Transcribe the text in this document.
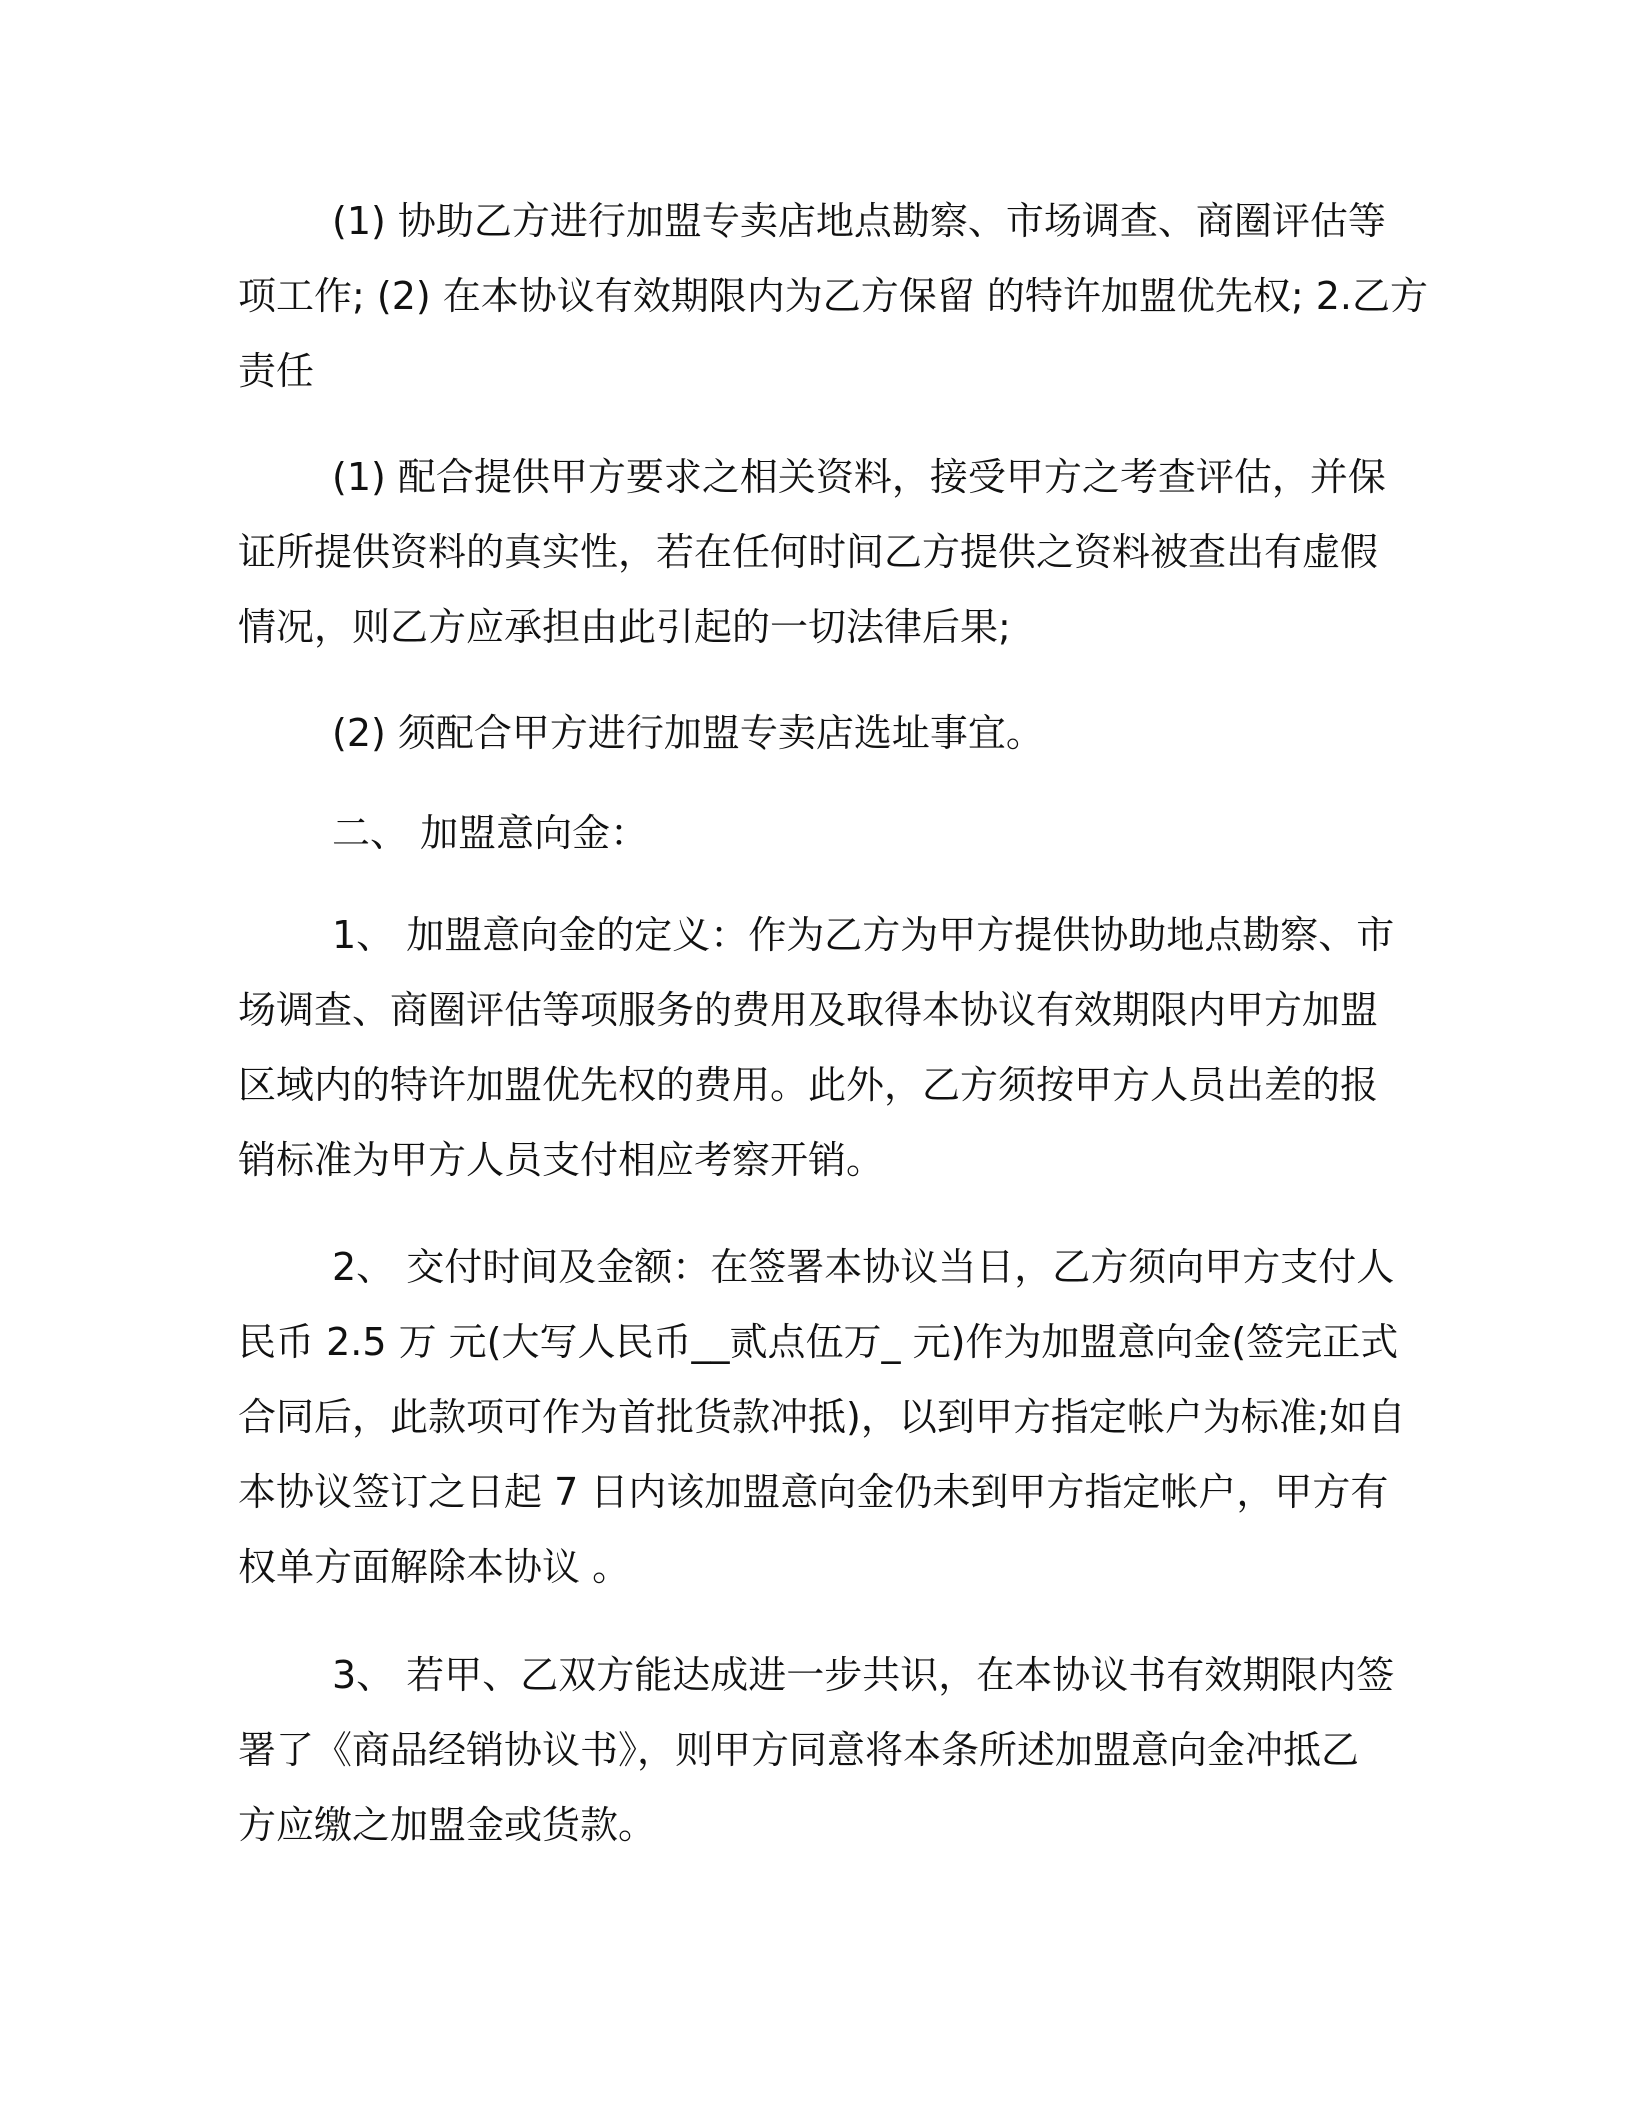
(1) 协助乙方进行加盟专卖店地点勘察、市场调查、商圈评估等
项工作; (2) 在本协议有效期限内为乙方保留 的特许加盟优先权; 2.乙方
责任
(1) 配合提供甲方要求之相关资料，接受甲方之考查评估，并保
证所提供资料的真实性，若在任何时间乙方提供之资料被查出有虚假
情况，则乙方应承担由此引起的一切法律后果;
(2) 须配合甲方进行加盟专卖店选址事宜。
二、 加盟意向金：
1、 加盟意向金的定义：作为乙方为甲方提供协助地点勘察、市
场调查、商圈评估等项服务的费用及取得本协议有效期限内甲方加盟
区域内的特许加盟优先权的费用。此外，乙方须按甲方人员出差的报
销标准为甲方人员支付相应考察开销。
2、 交付时间及金额：在签署本协议当日，乙方须向甲方支付人
民币 2.5 万 元(大写人民币__贰点伍万_ 元)作为加盟意向金(签完正式
合同后，此款项可作为首批货款冲抵)，以到甲方指定帐户为标准;如自
本协议签订之日起 7 日内该加盟意向金仍未到甲方指定帐户，甲方有
权单方面解除本协议 。
3、 若甲、乙双方能达成进一步共识，在本协议书有效期限内签
署了《商品经销协议书》，则甲方同意将本条所述加盟意向金冲抵乙
方应缴之加盟金或货款。
